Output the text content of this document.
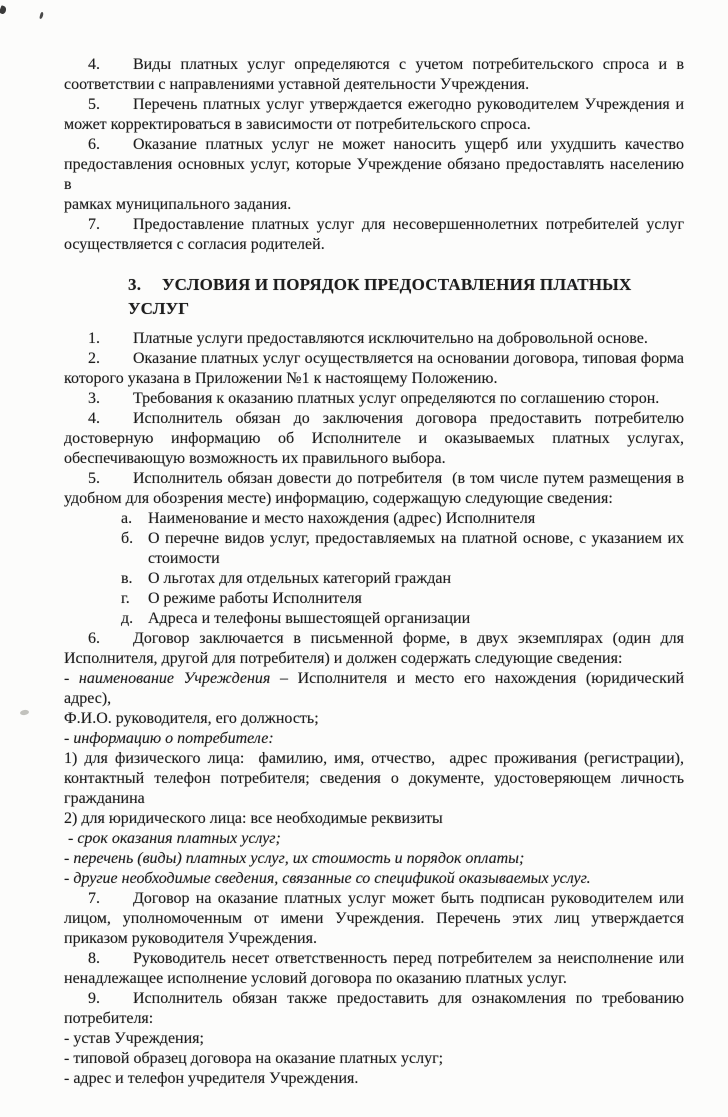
4. Виды платных услуг определяются с учетом потребительского спроса и в
соответствии с направлениями уставной деятельности Учреждения.
5. Перечень платных услуг утверждается ежегодно руководителем Учреждения и
может корректироваться в зависимости от потребительского спроса.
6. Оказание платных услуг не может наносить ущерб или ухудшить качество
предоставления основных услуг, которые Учреждение обязано предоставлять населению в
рамках муниципального задания.
7. Предоставление платных услуг для несовершеннолетних потребителей услуг
осуществляется с согласия родителей.
3. УСЛОВИЯ И ПОРЯДОК ПРЕДОСТАВЛЕНИЯ ПЛАТНЫХ УСЛУГ
1. Платные услуги предоставляются исключительно на добровольной основе.
2. Оказание платных услуг осуществляется на основании договора, типовая форма
которого указана в Приложении №1 к настоящему Положению.
3. Требования к оказанию платных услуг определяются по соглашению сторон.
4. Исполнитель обязан до заключения договора предоставить потребителю
достоверную информацию об Исполнителе и оказываемых платных услугах,
обеспечивающую возможность их правильного выбора.
5. Исполнитель обязан довести до потребителя  (в том числе путем размещения в
удобном для обозрения месте) информацию, содержащую следующие сведения:
а. Наименование и место нахождения (адрес) Исполнителя
б. О перечне видов услуг, предоставляемых на платной основе, с указанием их
стоимости
в. О льготах для отдельных категорий граждан
г. О режиме работы Исполнителя
д. Адреса и телефоны вышестоящей организации
6. Договор заключается в письменной форме, в двух экземплярах (один для
Исполнителя, другой для потребителя) и должен содержать следующие сведения:
- наименование Учреждения – Исполнителя и место его нахождения (юридический адрес),
Ф.И.О. руководителя, его должность;
- информацию о потребителе:
1) для физического лица:  фамилию, имя, отчество,  адрес проживания (регистрации),
контактный телефон потребителя; сведения о документе, удостоверяющем личность
гражданина
2) для юридического лица: все необходимые реквизиты
- срок оказания платных услуг;
- перечень (виды) платных услуг, их стоимость и порядок оплаты;
- другие необходимые сведения, связанные со спецификой оказываемых услуг.
7. Договор на оказание платных услуг может быть подписан руководителем или
лицом, уполномоченным от имени Учреждения. Перечень этих лиц утверждается
приказом руководителя Учреждения.
8. Руководитель несет ответственность перед потребителем за неисполнение или
ненадлежащее исполнение условий договора по оказанию платных услуг.
9. Исполнитель обязан также предоставить для ознакомления по требованию
потребителя:
- устав Учреждения;
- типовой образец договора на оказание платных услуг;
- адрес и телефон учредителя Учреждения.
